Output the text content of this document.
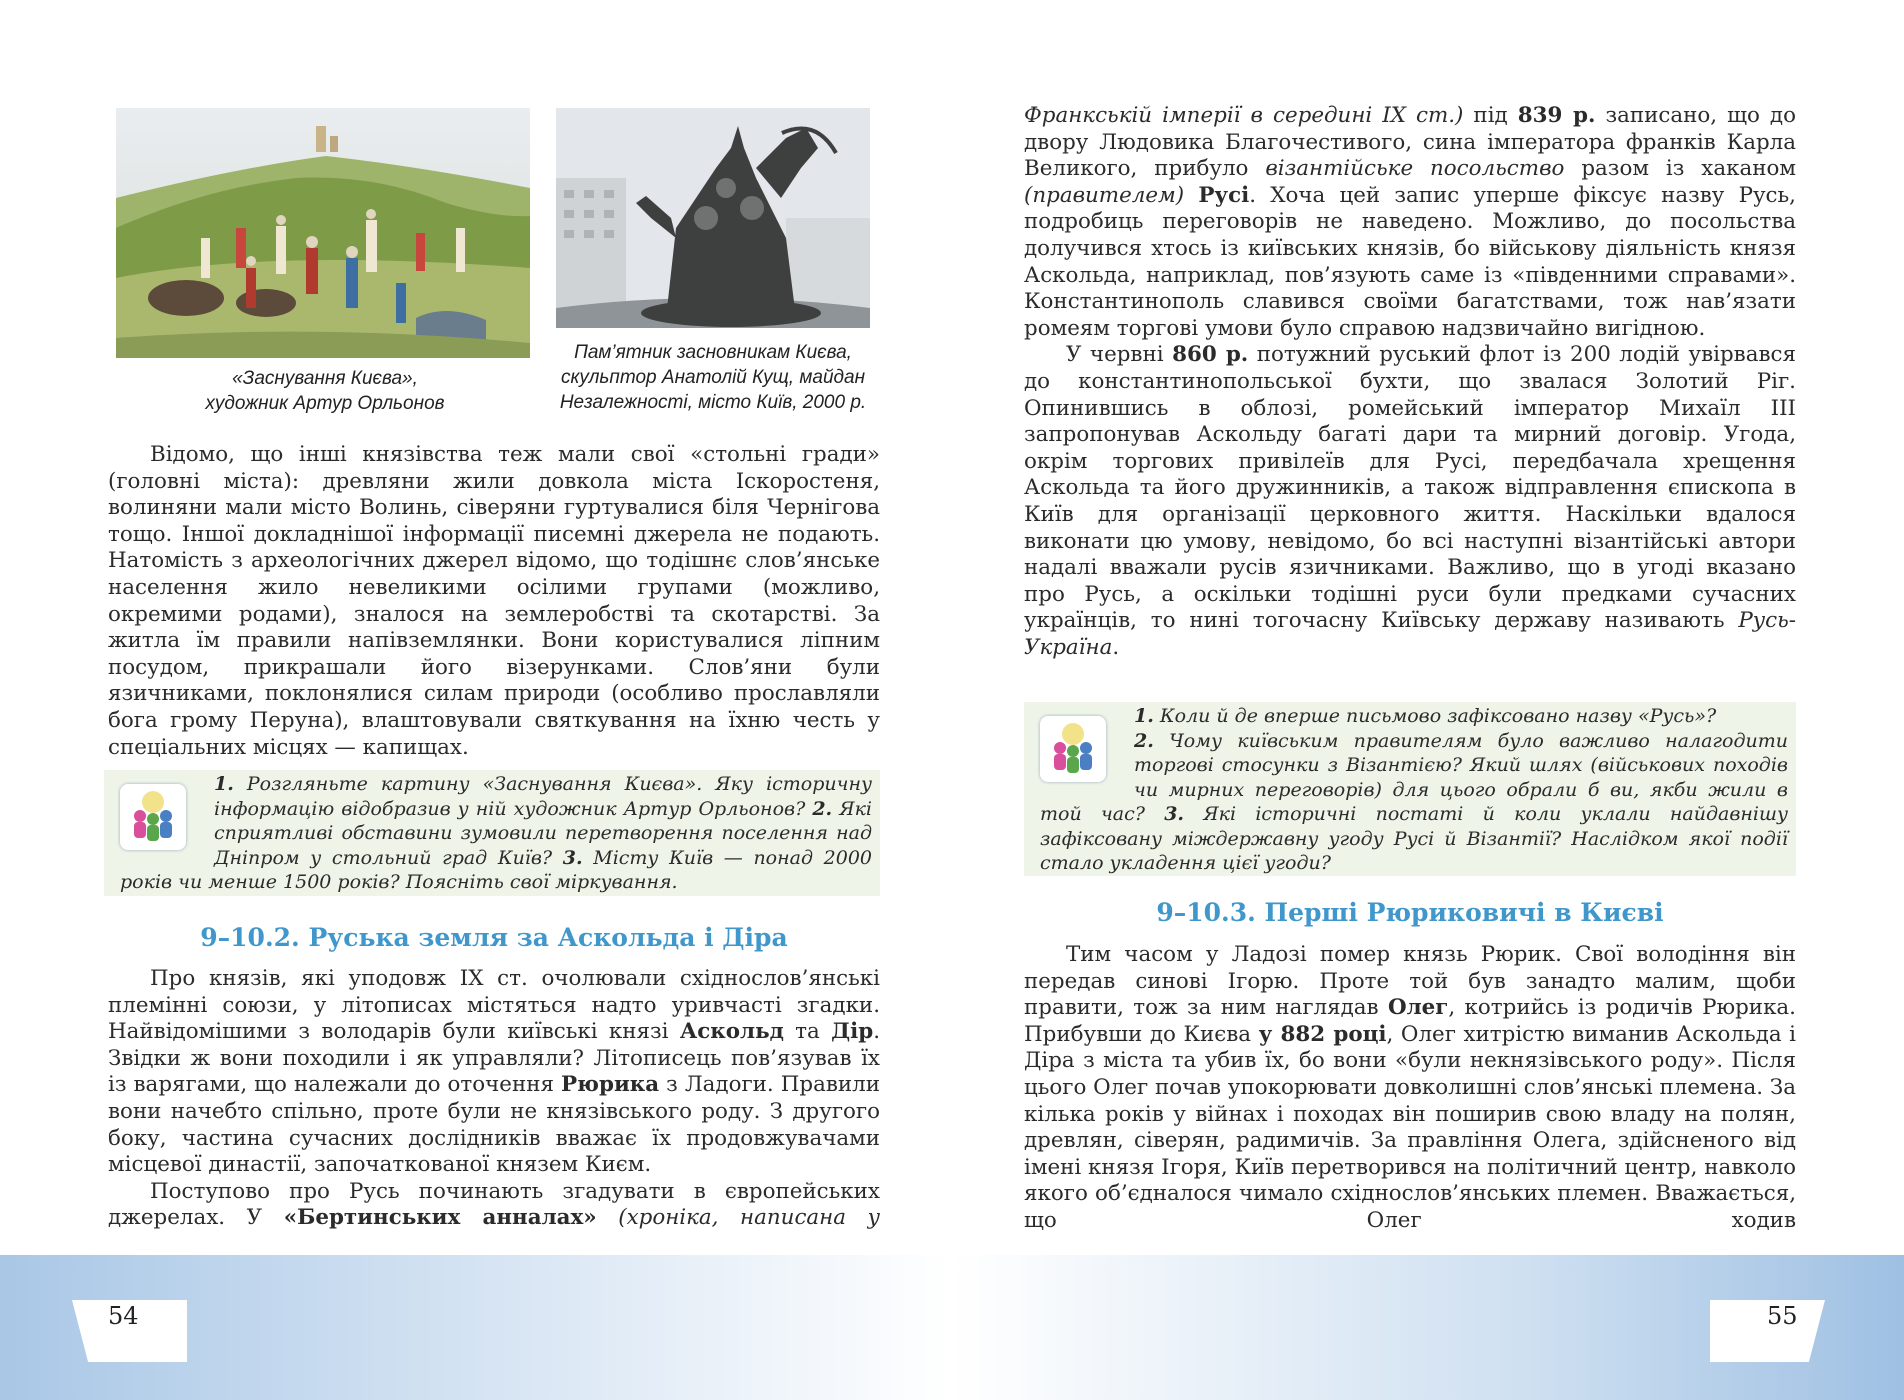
«Заснування Києва»,
художник Артур Орльонов
Пам’ятник засновникам Києва,
скульптор Анатолій Кущ, майдан
Незалежності, місто Київ, 2000 р.

Відомо, що інші князівства теж мали свої «стольні гради» (головні міста): древляни жили довкола міста Іскоростеня, волиняни мали місто Волинь, сіверяни гуртувалися біля Чернігова тощо. Іншої докладнішої інформації писемні джерела не подають. Натомість з археологічних джерел відомо, що тодішнє слов’янське населення жило невеликими осілими групами (можливо, окремими родами), зналося на землеробстві та скотарстві. За житла їм правили напівземлянки. Вони користувалися ліпним посудом, прикрашали його візерунками. Слов’яни були язичниками, поклонялися силам природи (особливо прославляли бога грому Перуна), влаштовували святкування на їхню честь у спеціальних місцях — капищах.

1. Розгляньте картину «Заснування Києва». Яку історичну інформацію відобразив у ній художник Артур Орльонов? 2. Які сприятливі обставини зумовили перетворення поселення над Дніпром у стольний град Київ? 3. Місту Київ — понад 2000 років чи менше 1500 років? Поясніть свої міркування.

9–10.2. Руська земля за Аскольда і Діра

Про князів, які уподовж IX ст. очолювали східнослов’янські племінні союзи, у літописах містяться надто уривчасті згадки. Найвідомішими з володарів були київські князі Аскольд та Дір. Звідки ж вони походили і як управляли? Літописець пов’язував їх із варягами, що належали до оточення Рюрика з Ладоги. Правили вони начебто спільно, проте були не князівського роду. З другого боку, частина сучасних дослідників вважає їх продовжувачами місцевої династії, започаткованої князем Києм.

Поступово про Русь починають згадувати в європейських джерелах. У «Бертинських анналах» (хроніка, написана у

54

Франкській імперії в середині IX ст.) під 839 р. записано, що до двору Людовика Благочестивого, сина імператора франків Карла Великого, прибуло візантійське посольство разом із хаканом (правителем) Русі. Хоча цей запис уперше фіксує назву Русь, подробиць переговорів не наведено. Можливо, до посольства долучився хтось із київських князів, бо військову діяльність князя Аскольда, наприклад, пов’язують саме із «південними справами». Константинополь славився своїми багатствами, тож нав’язати ромеям торгові умови було справою надзвичайно вигідною.

У червні 860 р. потужний руський флот із 200 лодій увірвався до константинопольської бухти, що звалася Золотий Ріг. Опинившись в облозі, ромейський імператор Михаїл III запропонував Аскольду багаті дари та мирний договір. Угода, окрім торгових привілеїв для Русі, передбачала хрещення Аскольда та його дружинників, а також відправлення єпископа в Київ для організації церковного життя. Наскільки вдалося виконати цю умову, невідомо, бо всі наступні візантійські автори надалі вважали русів язичниками. Важливо, що в угоді вказано про Русь, а оскільки тодішні руси були предками сучасних українців, то нині тогочасну Київську державу називають Русь-Україна.

1. Коли й де вперше письмово зафіксовано назву «Русь»?
2. Чому київським правителям було важливо налагодити торгові стосунки з Візантією? Який шлях (військових походів чи мирних переговорів) для цього обрали б ви, якби жили в той час? 3. Які історичні постаті й коли уклали найдавнішу зафіксовану міждержавну угоду Русі й Візантії? Наслідком якої події стало укладення цієї угоди?

9–10.3. Перші Рюриковичі в Києві

Тим часом у Ладозі помер князь Рюрик. Свої володіння він передав синові Ігорю. Проте той був занадто малим, щоби правити, тож за ним наглядав Олег, котрийсь із родичів Рюрика. Прибувши до Києва у 882 році, Олег хитрістю виманив Аскольда і Діра з міста та убив їх, бо вони «були некнязівського роду». Після цього Олег почав упокорювати довколишні слов’янські племена. За кілька років у війнах і походах він поширив свою владу на полян, древлян, сіверян, радимичів. За правління Олега, здійсненого від імені князя Ігоря, Київ перетворився на політичний центр, навколо якого об’єдналося чимало східнослов’янських племен. Вважається, що Олег ходив

55
